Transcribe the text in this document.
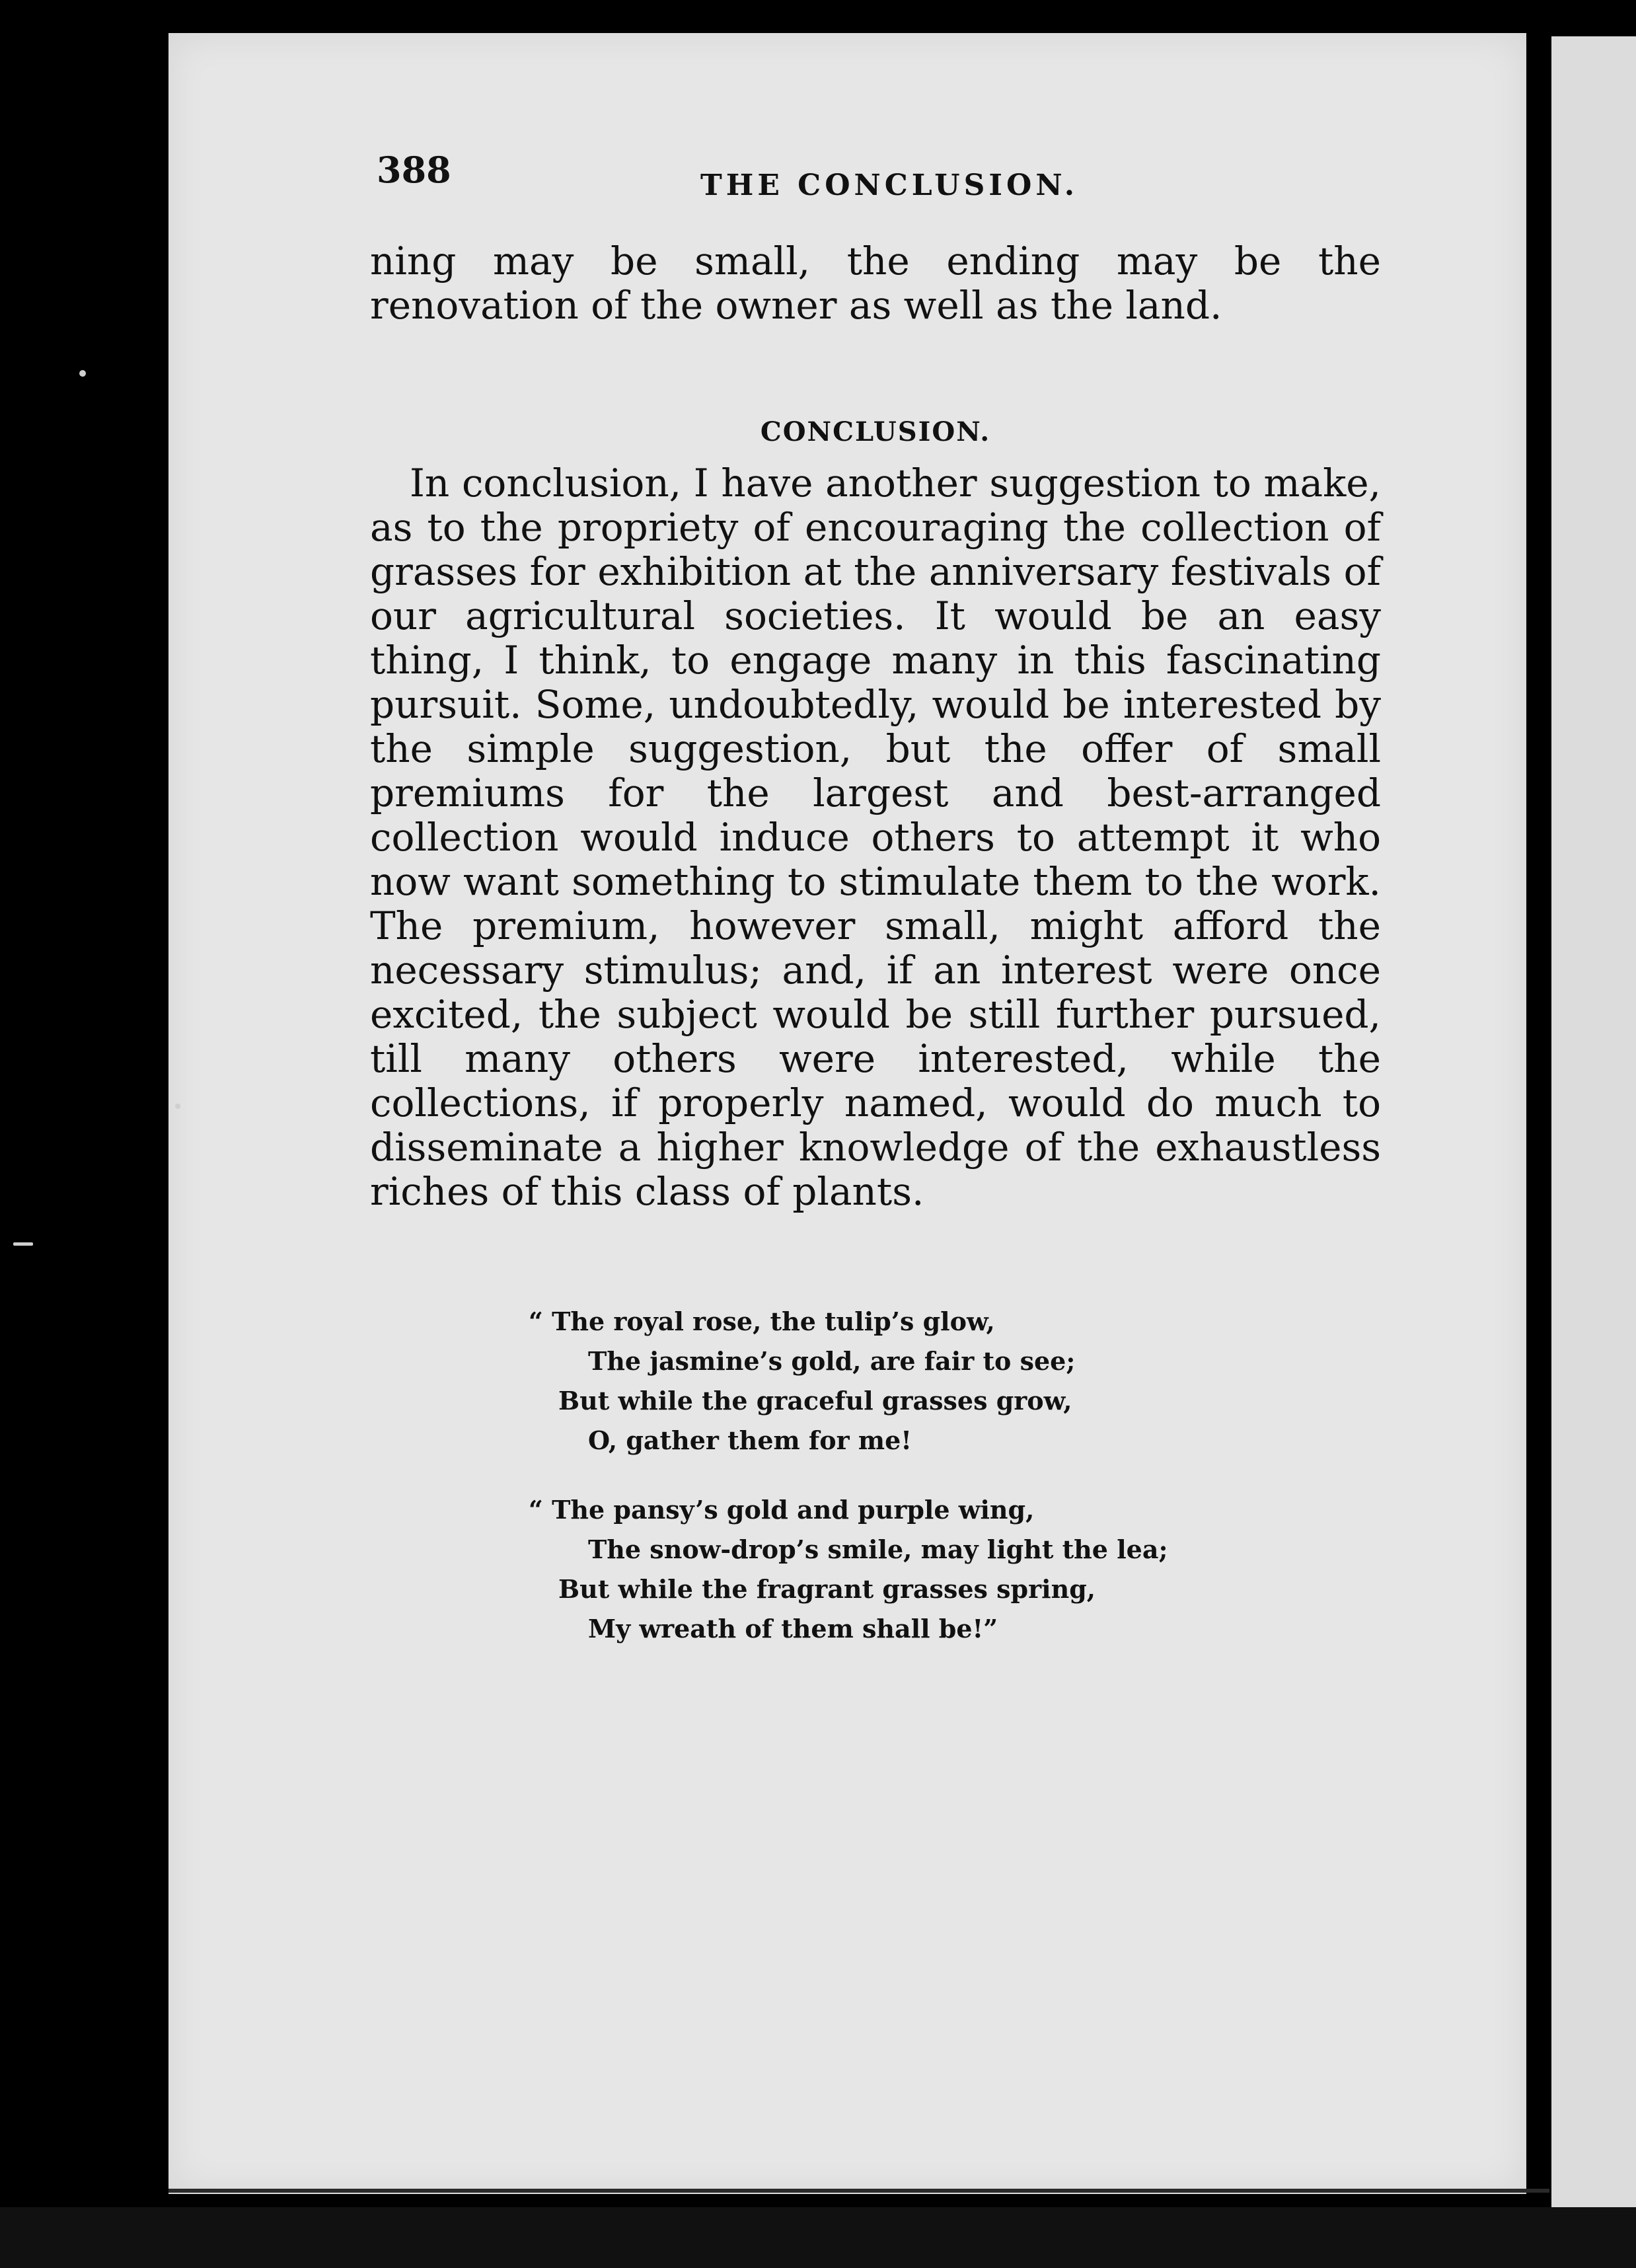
388	THE CONCLUSION.
ning may be small, the ending may be the renovation of the owner as well as the land.
CONCLUSION.
In conclusion, I have another suggestion to make, as to the propriety of encouraging the collection of grasses for exhibition at the anniversary festivals of our agricultural societies. It would be an easy thing, I think, to engage many in this fascinating pursuit. Some, undoubtedly, would be interested by the simple suggestion, but the offer of small premiums for the largest and best-arranged collection would induce others to attempt it who now want something to stimulate them to the work. The premium, however small, might afford the necessary stimulus; and, if an interest were once excited, the subject would be still further pursued, till many others were interested, while the collections, if properly named, would do much to disseminate a higher knowledge of the exhaustless riches of this class of plants.
“ The royal rose, the tulip’s glow,
The jasmine’s gold, are fair to see;
But while the graceful grasses grow,
O, gather them for me!
“ The pansy’s gold and purple wing,
The snow-drop’s smile, may light the lea;
But while the fragrant grasses spring,
My wreath of them shall be!”
